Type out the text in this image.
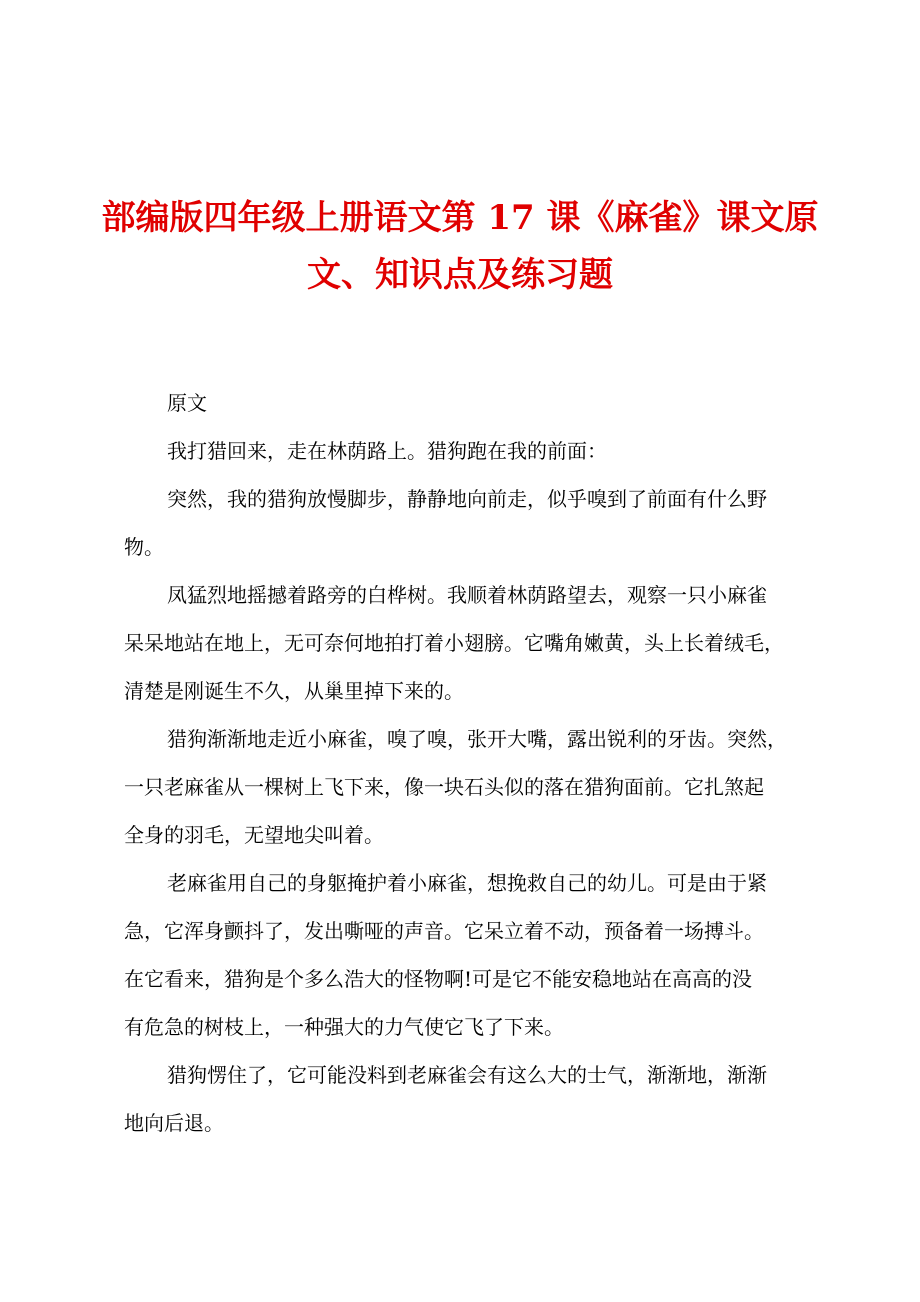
部编版四年级上册语文第 17 课《麻雀》课文原
文、知识点及练习题
原文
我打猎回来，走在林荫路上。猎狗跑在我的前面：
突然，我的猎狗放慢脚步，静静地向前走，似乎嗅到了前面有什么野
物。
凤猛烈地摇撼着路旁的白桦树。我顺着林荫路望去，观察一只小麻雀
呆呆地站在地上，无可奈何地拍打着小翅膀。它嘴角嫩黄，头上长着绒毛，
清楚是刚诞生不久，从巢里掉下来的。
猎狗渐渐地走近小麻雀，嗅了嗅，张开大嘴，露出锐利的牙齿。突然，
一只老麻雀从一棵树上飞下来，像一块石头似的落在猎狗面前。它扎煞起
全身的羽毛，无望地尖叫着。
老麻雀用自己的身躯掩护着小麻雀，想挽救自己的幼儿。可是由于紧
急，它浑身颤抖了，发出嘶哑的声音。它呆立着不动，预备着一场搏斗。
在它看来，猎狗是个多么浩大的怪物啊!可是它不能安稳地站在高高的没
有危急的树枝上，一种强大的力气使它飞了下来。
猎狗愣住了，它可能没料到老麻雀会有这么大的士气，渐渐地，渐渐
地向后退。
